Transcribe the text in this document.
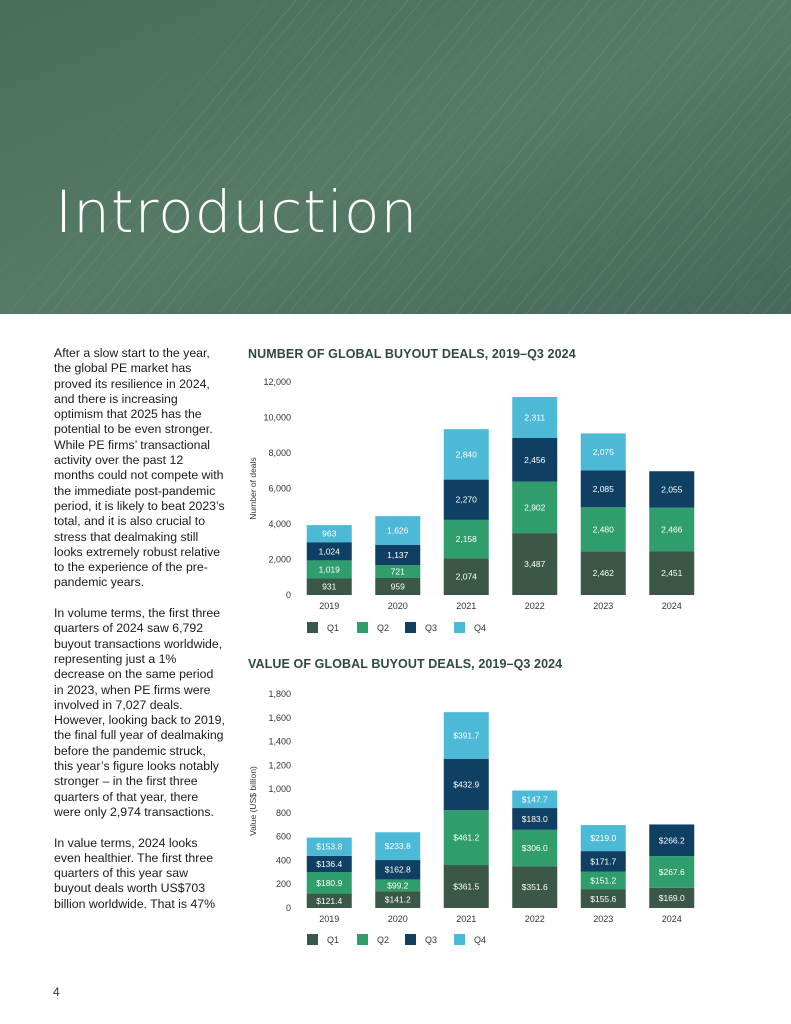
Introduction

After a slow start to the year, the global PE market has proved its resilience in 2024, and there is increasing optimism that 2025 has the potential to be even stronger. While PE firms’ transactional activity over the past 12 months could not compete with the immediate post-pandemic period, it is likely to beat 2023’s total, and it is also crucial to stress that dealmaking still looks extremely robust relative to the experience of the pre-pandemic years.

In volume terms, the first three quarters of 2024 saw 6,792 buyout transactions worldwide, representing just a 1% decrease on the same period in 2023, when PE firms were involved in 7,027 deals. However, looking back to 2019, the final full year of dealmaking before the pandemic struck, this year’s figure looks notably stronger – in the first three quarters of that year, there were only 2,974 transactions.

In value terms, 2024 looks even healthier. The first three quarters of this year saw buyout deals worth US$703 billion worldwide. That is 47%

NUMBER OF GLOBAL BUYOUT DEALS, 2019–Q3 2024
0
2,000
4,000
6,000
8,000
10,000
12,000
Number of deals
931
1,019
1,024
963
2019
959
721
1,137
1,626
2020
2,074
2,158
2,270
2,840
2021
3,487
2,902
2,456
2,311
2022
2,462
2,480
2,085
2,075
2023
2,451
2,466
2,055
2024
Q1	Q2	Q3	Q4
VALUE OF GLOBAL BUYOUT DEALS, 2019–Q3 2024
0
200
400
600
800
1,000
1,200
1,400
1,600
1,800
Value (US$ billion)
$121.4
$180.9
$136.4
$153.8
2019
$141.2
$99.2
$162.8
$233.8
2020
$361.5
$461.2
$432.9
$391.7
2021
$351.6
$306.0
$183.0
$147.7
2022
$155.6
$151.2
$171.7
$219.0
2023
$169.0
$267.6
$266.2
2024
Q1	Q2	Q3	Q4
4
